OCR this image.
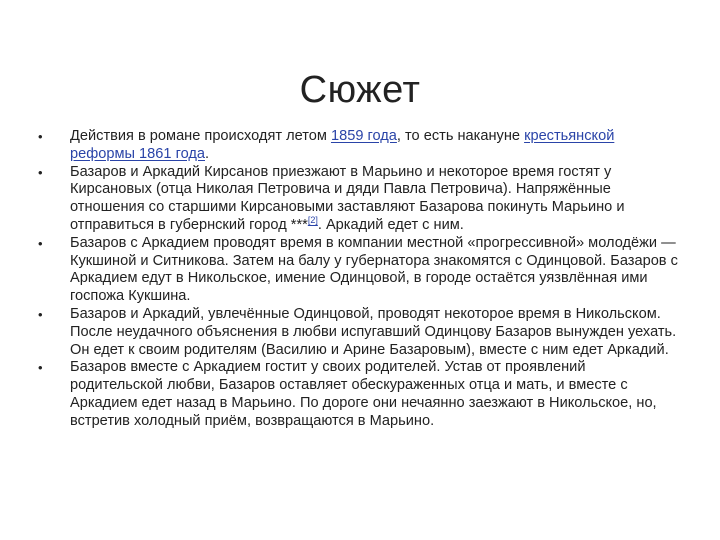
Сюжет
•	Действия в романе происходят летом 1859 года, то есть накануне крестьянской реформы 1861 года.
•	Базаров и Аркадий Кирсанов приезжают в Марьино и некоторое время гостят у Кирсановых (отца Николая Петровича и дяди Павла Петровича). Напряжённые отношения со старшими Кирсановыми заставляют Базарова покинуть Марьино и отправиться в губернский город ***[2]. Аркадий едет с ним.
•	Базаров с Аркадием проводят время в компании местной «прогрессивной» молодёжи — Кукшиной и Ситникова. Затем на балу у губернатора знакомятся с Одинцовой. Базаров с Аркадием едут в Никольское, имение Одинцовой, в городе остаётся уязвлённая ими госпожа Кукшина.
•	Базаров и Аркадий, увлечённые Одинцовой, проводят некоторое время в Никольском. После неудачного объяснения в любви испугавший Одинцову Базаров вынужден уехать. Он едет к своим родителям (Василию и Арине Базаровым), вместе с ним едет Аркадий.
•	Базаров вместе с Аркадием гостит у своих родителей. Устав от проявлений родительской любви, Базаров оставляет обескураженных отца и мать, и вместе с Аркадием едет назад в Марьино. По дороге они нечаянно заезжают в Никольское, но, встретив холодный приём, возвращаются в Марьино.
